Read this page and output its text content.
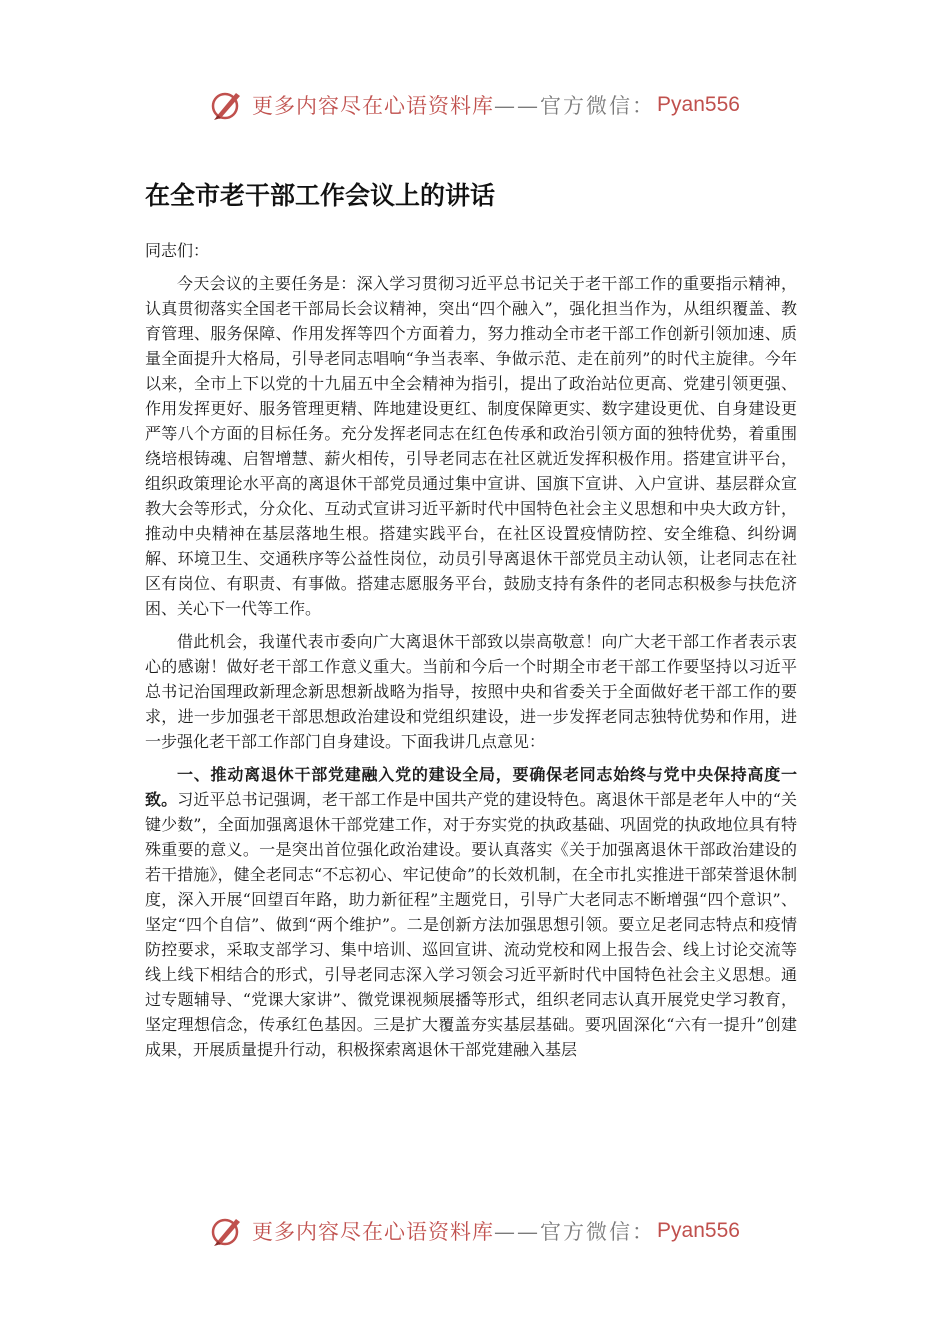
更多内容尽在心语资料库 ——官方微信： Pyan556
在全市老干部工作会议上的讲话

同志们：

今天会议的主要任务是：深入学习贯彻习近平总书记关于老干部工作的重要指示精神，认真贯彻落实全国老干部局长会议精神，突出“四个融入”，强化担当作为，从组织覆盖、教育管理、服务保障、作用发挥等四个方面着力，努力推动全市老干部工作创新引领加速、质量全面提升大格局，引导老同志唱响“争当表率、争做示范、走在前列”的时代主旋律。今年以来，全市上下以党的十九届五中全会精神为指引，提出了政治站位更高、党建引领更强、作用发挥更好、服务管理更精、阵地建设更红、制度保障更实、数字建设更优、自身建设更严等八个方面的目标任务。充分发挥老同志在红色传承和政治引领方面的独特优势，着重围绕培根铸魂、启智增慧、薪火相传，引导老同志在社区就近发挥积极作用。搭建宣讲平台，组织政策理论水平高的离退休干部党员通过集中宣讲、国旗下宣讲、入户宣讲、基层群众宣教大会等形式，分众化、互动式宣讲习近平新时代中国特色社会主义思想和中央大政方针，推动中央精神在基层落地生根。搭建实践平台，在社区设置疫情防控、安全维稳、纠纷调解、环境卫生、交通秩序等公益性岗位，动员引导离退休干部党员主动认领，让老同志在社区有岗位、有职责、有事做。搭建志愿服务平台，鼓励支持有条件的老同志积极参与扶危济困、关心下一代等工作。

借此机会，我谨代表市委向广大离退休干部致以崇高敬意！向广大老干部工作者表示衷心的感谢！做好老干部工作意义重大。当前和今后一个时期全市老干部工作要坚持以习近平总书记治国理政新理念新思想新战略为指导，按照中央和省委关于全面做好老干部工作的要求，进一步加强老干部思想政治建设和党组织建设，进一步发挥老同志独特优势和作用，进一步强化老干部工作部门自身建设。下面我讲几点意见：

一、推动离退休干部党建融入党的建设全局，要确保老同志始终与党中央保持高度一致。习近平总书记强调，老干部工作是中国共产党的建设特色。离退休干部是老年人中的“关键少数”，全面加强离退休干部党建工作，对于夯实党的执政基础、巩固党的执政地位具有特殊重要的意义。一是突出首位强化政治建设。要认真落实《关于加强离退休干部政治建设的若干措施》，健全老同志“不忘初心、牢记使命”的长效机制，在全市扎实推进干部荣誉退休制度，深入开展“回望百年路，助力新征程”主题党日，引导广大老同志不断增强“四个意识”、坚定“四个自信”、做到“两个维护”。二是创新方法加强思想引领。要立足老同志特点和疫情防控要求，采取支部学习、集中培训、巡回宣讲、流动党校和网上报告会、线上讨论交流等线上线下相结合的形式，引导老同志深入学习领会习近平新时代中国特色社会主义思想。通过专题辅导、“党课大家讲”、微党课视频展播等形式，组织老同志认真开展党史学习教育，坚定理想信念，传承红色基因。三是扩大覆盖夯实基层基础。要巩固深化“六有一提升”创建成果，开展质量提升行动，积极探索离退休干部党建融入基层

更多内容尽在心语资料库 ——官方微信： Pyan556
